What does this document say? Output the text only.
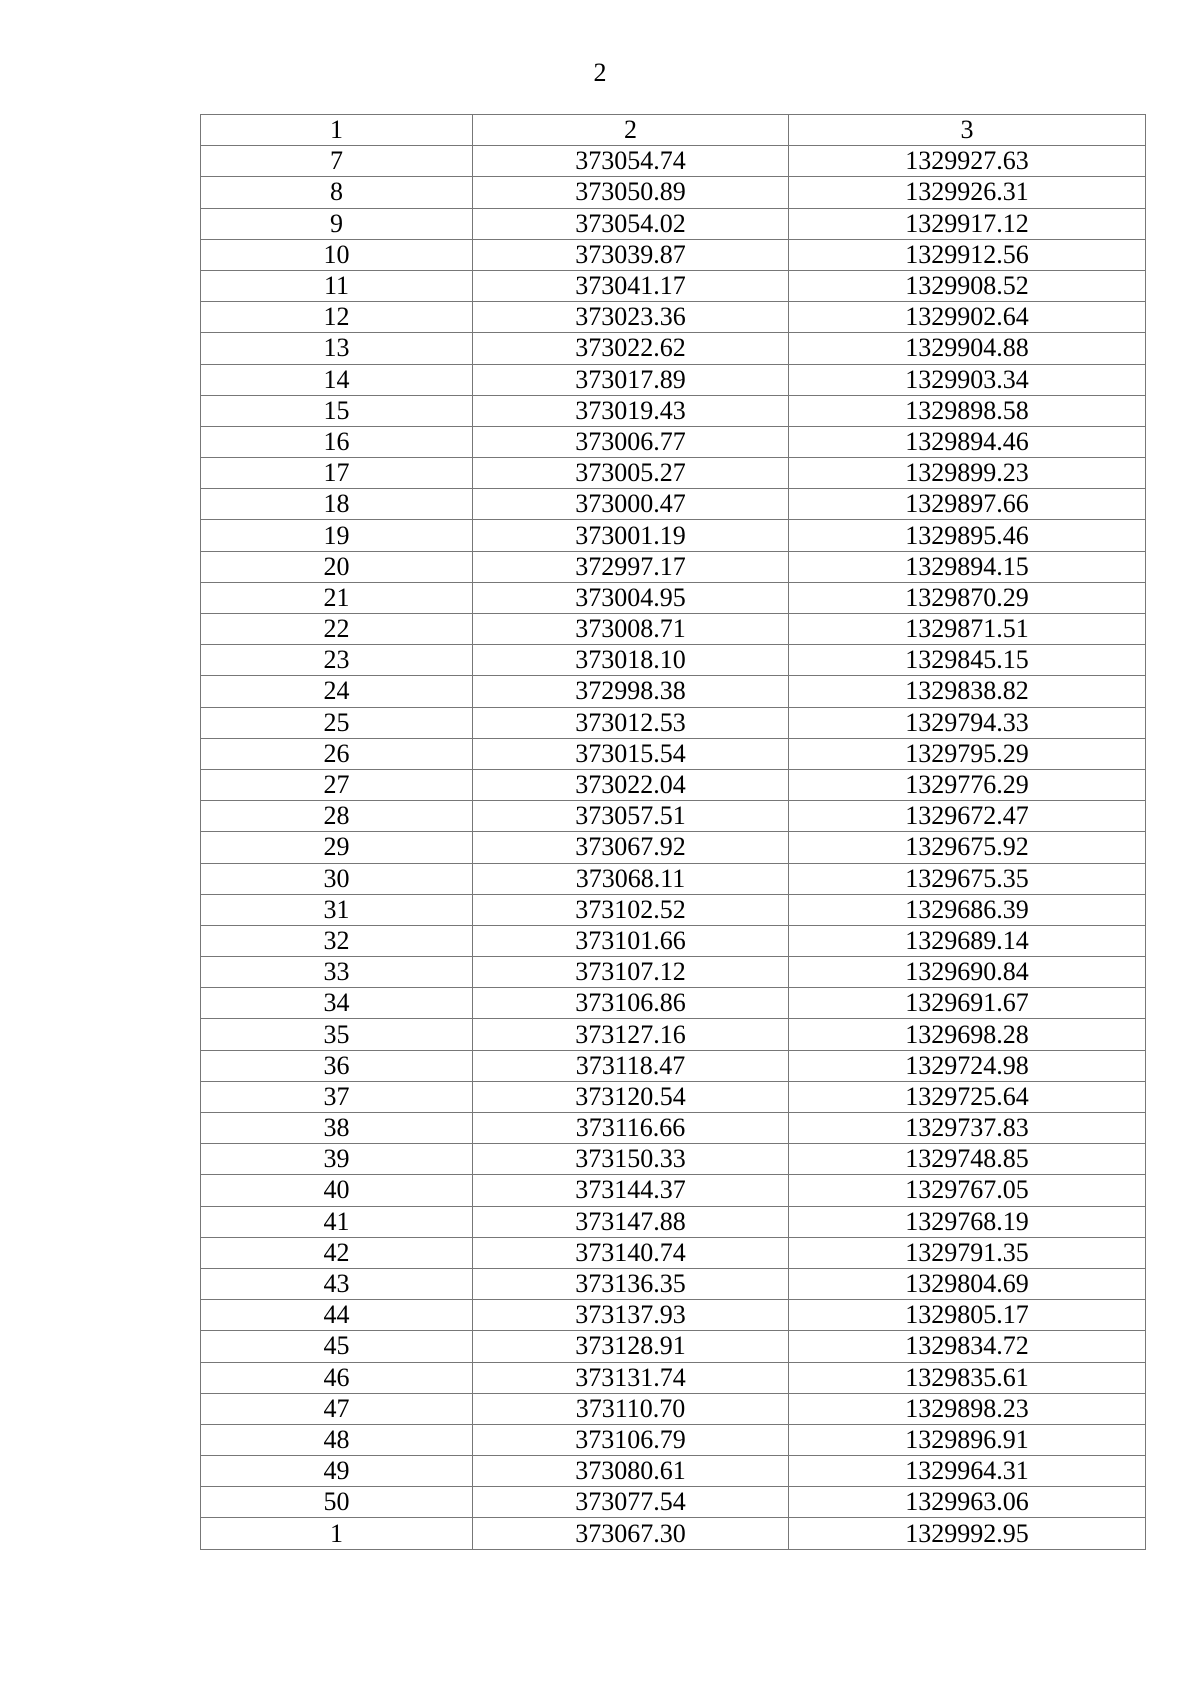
2
1	2	3
7	373054.74	1329927.63
8	373050.89	1329926.31
9	373054.02	1329917.12
10	373039.87	1329912.56
11	373041.17	1329908.52
12	373023.36	1329902.64
13	373022.62	1329904.88
14	373017.89	1329903.34
15	373019.43	1329898.58
16	373006.77	1329894.46
17	373005.27	1329899.23
18	373000.47	1329897.66
19	373001.19	1329895.46
20	372997.17	1329894.15
21	373004.95	1329870.29
22	373008.71	1329871.51
23	373018.10	1329845.15
24	372998.38	1329838.82
25	373012.53	1329794.33
26	373015.54	1329795.29
27	373022.04	1329776.29
28	373057.51	1329672.47
29	373067.92	1329675.92
30	373068.11	1329675.35
31	373102.52	1329686.39
32	373101.66	1329689.14
33	373107.12	1329690.84
34	373106.86	1329691.67
35	373127.16	1329698.28
36	373118.47	1329724.98
37	373120.54	1329725.64
38	373116.66	1329737.83
39	373150.33	1329748.85
40	373144.37	1329767.05
41	373147.88	1329768.19
42	373140.74	1329791.35
43	373136.35	1329804.69
44	373137.93	1329805.17
45	373128.91	1329834.72
46	373131.74	1329835.61
47	373110.70	1329898.23
48	373106.79	1329896.91
49	373080.61	1329964.31
50	373077.54	1329963.06
1	373067.30	1329992.95
